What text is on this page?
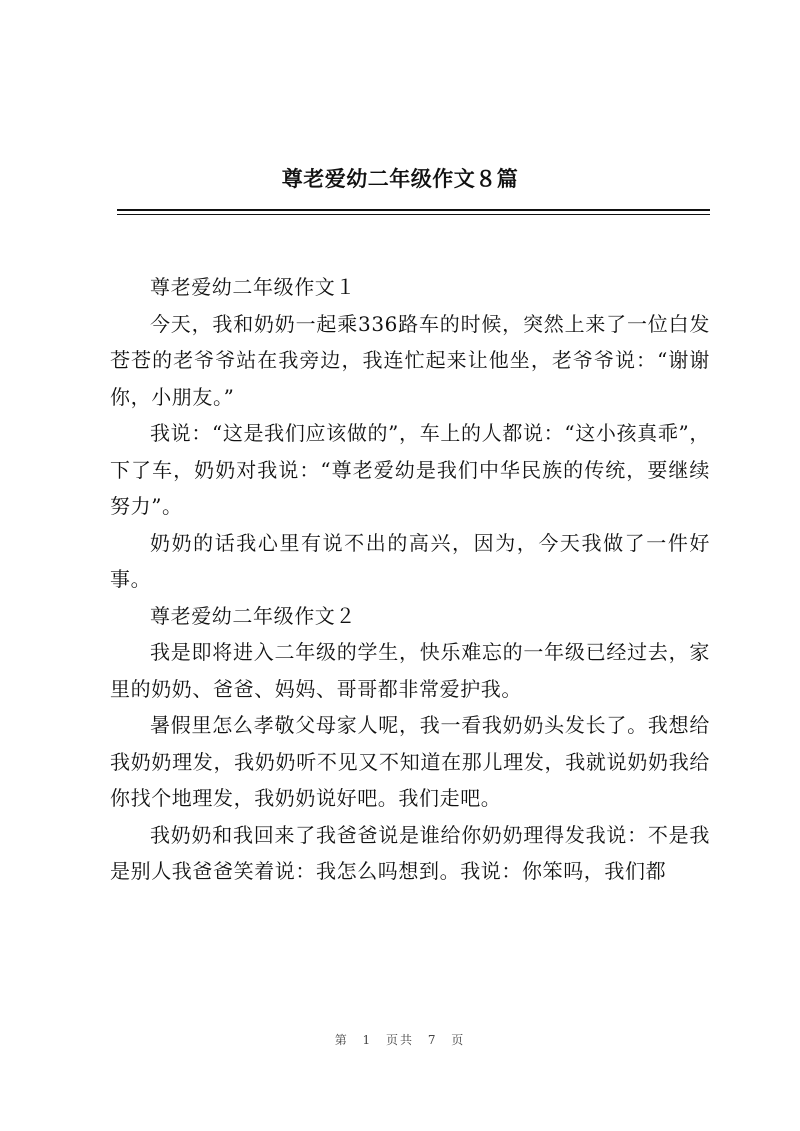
尊老爱幼二年级作文８篇

尊老爱幼二年级作文１

今天，我和奶奶一起乘336路车的时候，突然上来了一位白发苍苍的老爷爷站在我旁边，我连忙起来让他坐，老爷爷说：“谢谢你，小朋友。”

我说：“这是我们应该做的”，车上的人都说：“这小孩真乖”，下了车，奶奶对我说：“尊老爱幼是我们中华民族的传统，要继续努力”。

奶奶的话我心里有说不出的高兴，因为，今天我做了一件好事。

尊老爱幼二年级作文２

我是即将进入二年级的学生，快乐难忘的一年级已经过去，家里的奶奶、爸爸、妈妈、哥哥都非常爱护我。

暑假里怎么孝敬父母家人呢，我一看我奶奶头发长了。我想给我奶奶理发，我奶奶听不见又不知道在那儿理发，我就说奶奶我给你找个地理发，我奶奶说好吧。我们走吧。

我奶奶和我回来了我爸爸说是谁给你奶奶理得发我说：不是我是别人我爸爸笑着说：我怎么吗想到。我说：你笨吗，我们都

第 1 页共 7 页
